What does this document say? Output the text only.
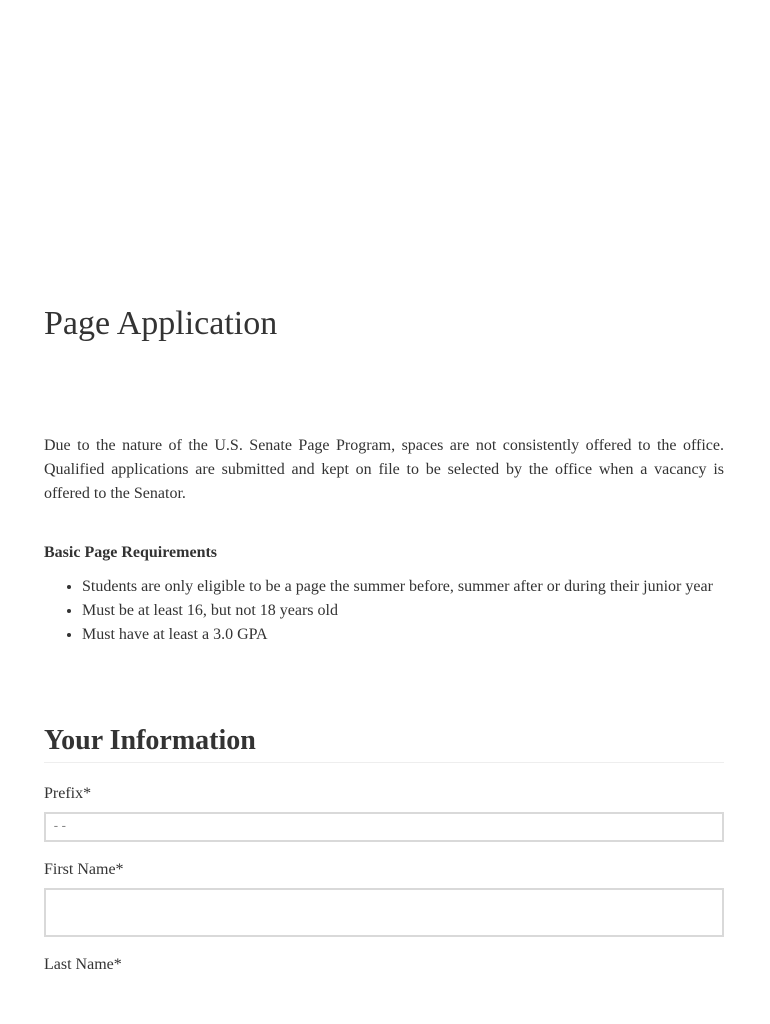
Page Application

Due to the nature of the U.S. Senate Page Program, spaces are not consistently offered to the office. Qualified applications are submitted and kept on file to be selected by the office when a vacancy is offered to the Senator.

Basic Page Requirements
• Students are only eligible to be a page the summer before, summer after or during their junior year
• Must be at least 16, but not 18 years old
• Must have at least a 3.0 GPA
Your Information
Prefix*
--
First Name*
Last Name*
